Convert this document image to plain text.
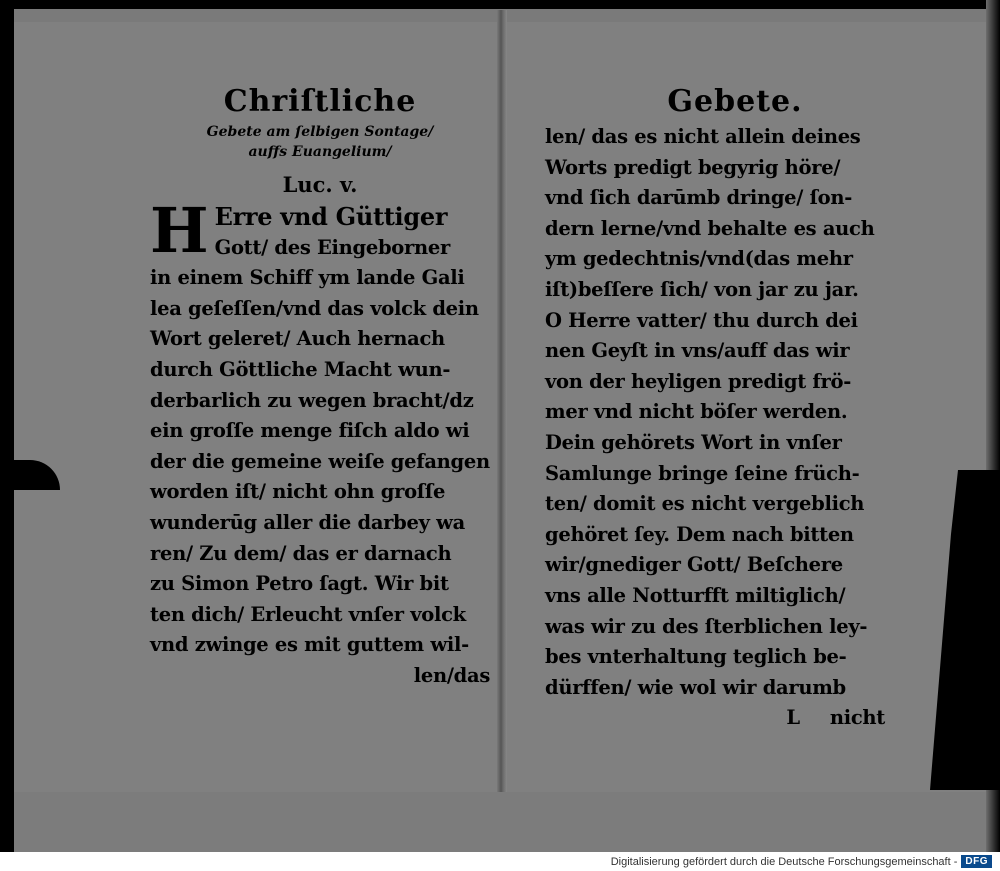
Chriſtliche
Gebete am ſelbigen Sontage/
auffs Euangelium/
Luc. v.
H Erre vnd Güttiger
Gott/ des Eingeborner
in einem Schiff ym lande Gali
lea geſeſſen/vnd das volck dein
Wort geleret/ Auch hernach
durch Göttliche Macht wun-
derbarlich zu wegen bracht/dz
ein groſſe menge fiſch aldo wi
der die gemeine weiſe gefangen
worden iſt/ nicht ohn groſſe
wunderūg aller die darbey wa
ren/ Zu dem/ das er darnach
zu Simon Petro ſagt. Wir bit
ten dich/ Erleucht vnſer volck
vnd zwinge es mit guttem wil-
len/das
Gebete.
len/ das es nicht allein deines
Worts predigt begyrig höre/
vnd ſich darūmb dringe/ ſon-
dern lerne/vnd behalte es auch
ym gedechtnis/vnd(das mehr
iſt)beſſere ſich/ von jar zu jar.
O Herre vatter/ thu durch dei
nen Geyſt in vns/auff das wir
von der heyligen predigt frö-
mer vnd nicht böſer werden.
Dein gehörets Wort in vnſer
Samlunge bringe ſeine früch-
ten/ domit es nicht vergeblich
gehöret ſey. Dem nach bitten
wir/gnediger Gott/ Beſchere
vns alle Notturfft miltiglich/
was wir zu des ſterblichen ley-
bes vnterhaltung teglich be-
dürffen/ wie wol wir darumb
L nicht
Digitalisierung gefördert durch die Deutsche Forschungsgemeinschaft - DFG
